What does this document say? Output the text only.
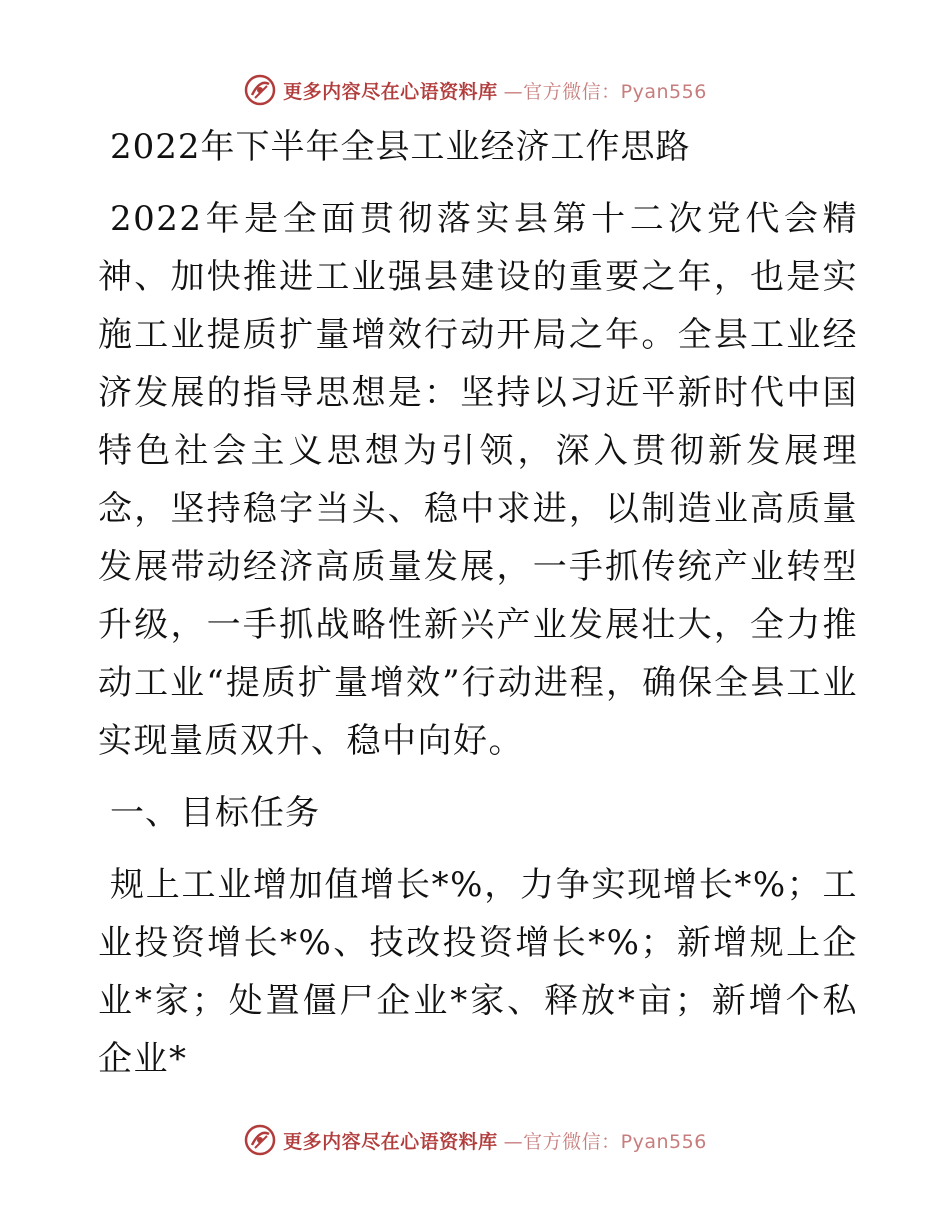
更多内容尽在心语资料库 —官方微信：Pyan556
2022年下半年全县工业经济工作思路

2022年是全面贯彻落实县第十二次党代会精神、加快推进工业强县建设的重要之年，也是实施工业提质扩量增效行动开局之年。全县工业经济发展的指导思想是：坚持以习近平新时代中国特色社会主义思想为引领，深入贯彻新发展理念，坚持稳字当头、稳中求进，以制造业高质量发展带动经济高质量发展，一手抓传统产业转型升级，一手抓战略性新兴产业发展壮大，全力推动工业“提质扩量增效”行动进程，确保全县工业实现量质双升、稳中向好。

一、目标任务

规上工业增加值增长*%，力争实现增长*%；工业投资增长*%、技改投资增长*%；新增规上企业*家；处置僵尸企业*家、释放*亩；新增个私企业*

更多内容尽在心语资料库 —官方微信：Pyan556
